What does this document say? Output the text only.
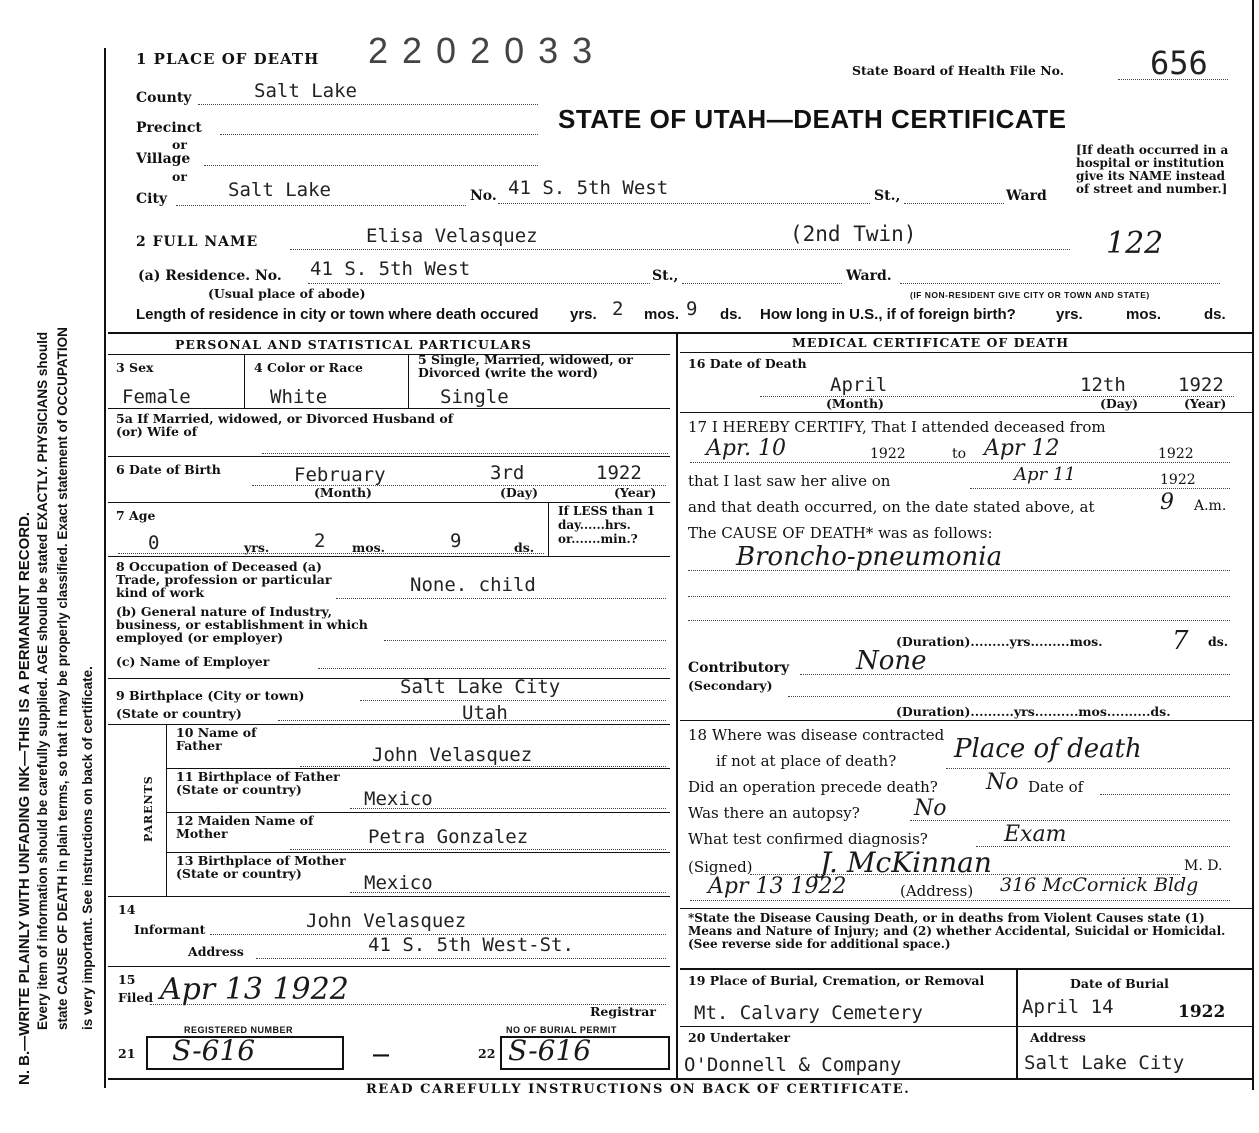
N. B.—WRITE PLAINLY WITH UNFADING INK—THIS IS A PERMANENT RECORD. Every item of information should be carefully supplied. AGE should be stated EXACTLY. PHYSICIANS should state CAUSE OF DEATH in plain terms, so that it may be properly classified. Exact statement of OCCUPATION is very important. See instructions on back of certificate.
1 PLACE OF DEATH 2 2 0 2 0 3 3	State Board of Health File No.	656
STATE OF UTAH—DEATH CERTIFICATE
[If death occurred in a hospital or institution give its NAME instead of street and number.]
122
County	Salt Lake
Precinct
or
Village
or
City	Salt Lake	No. 41 S. 5th West	St.,	Ward
2 FULL NAME	Elisa Velasquez	(2nd Twin)
(a) Residence. No. 41 S. 5th West	St.,	Ward.
(Usual place of abode)	(IF NON-RESIDENT GIVE CITY OR TOWN AND STATE)
Length of residence in city or town where death occured yrs. 2 mos. 9 ds. How long in U.S., if of foreign birth?	yrs.	mos.	ds.
PERSONAL AND STATISTICAL PARTICULARS
3 Sex
Female
4 Color or Race
White
5 Single, Married, widowed, or Divorced (write the word)
Single
5a If Married, widowed, or Divorced Husband of (or) Wife of
6 Date of Birth	February	3rd	1922
(Month)	(Day)	(Year)
7 Age
0	yrs. 2 mos.	9	ds.
If LESS than 1 day......hrs. or.......min.?
8 Occupation of Deceased (a) Trade, profession or particular kind of work	None. child
(b) General nature of Industry, business, or establishment in which employed (or employer)
(c) Name of Employer
9 Birthplace (City or town)	Salt Lake City
(State or country)	Utah
PARENTS
10 Name of Father	John Velasquez
11 Birthplace of Father (State or country)	Mexico
12 Maiden Name of Mother	Petra Gonzalez
13 Birthplace of Mother (State or country)	Mexico
14
Informant	John Velasquez
Address	41 S. 5th West-St.
15
Filed Apr 13 1922
Registrar
REGISTERED NUMBER	NO OF BURIAL PERMIT
21 S-616	—	22 S-616
MEDICAL CERTIFICATE OF DEATH
16 Date of Death
April	12th	1922
(Month)	(Day)	(Year)
17 I HEREBY CERTIFY, That I attended deceased from
Apr. 10	1922	to Apr 12	1922
that I last saw her alive on	Apr 11	1922
and that death occurred, on the date stated above, at	9 A.m.
The CAUSE OF DEATH* was as follows:
Broncho-pneumonia
(Duration).........yrs.........mos.	7 ds.
Contributory
(Secondary)
None
(Duration)..........yrs..........mos..........ds.
18 Where was disease contracted
if not at place of death? Place of death
Did an operation precede death? No Date of
Was there an autopsy? No
What test confirmed diagnosis?	Exam
(Signed) J. McKinnan	M. D.
Apr 13 1922	(Address) 316 McCornick Bldg
*State the Disease Causing Death, or in deaths from Violent Causes state (1) Means and Nature of Injury; and (2) whether Accidental, Suicidal or Homicidal. (See reverse side for additional space.)
19 Place of Burial, Cremation, or Removal
Mt. Calvary Cemetery
Date of Burial
April 14	1922
20 Undertaker
O'Donnell & Company
Address
Salt Lake City
READ CAREFULLY INSTRUCTIONS ON BACK OF CERTIFICATE.
